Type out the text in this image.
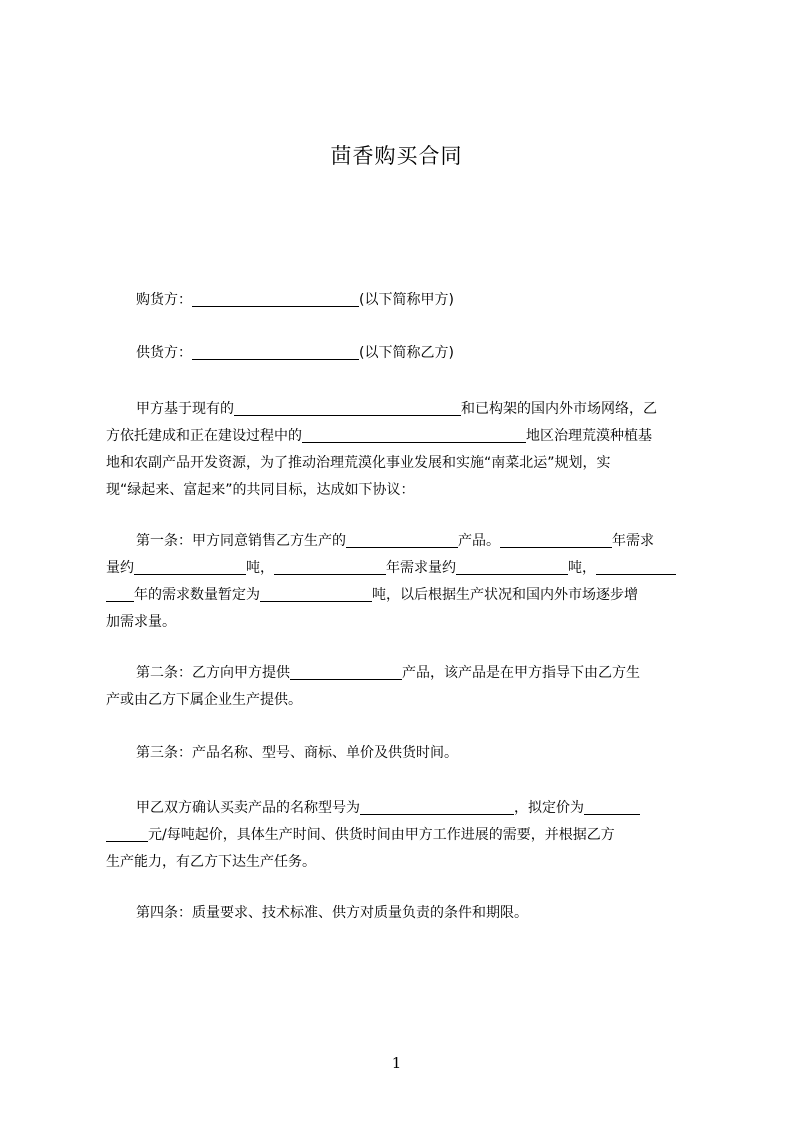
茴香购买合同
购货方：	(以下简称甲方)
供货方：	(以下简称乙方)
甲方基于现有的	和已构架的国内外市场网络，乙
方依托建成和正在建设过程中的	地区治理荒漠种植基
地和农副产品开发资源，为了推动治理荒漠化事业发展和实施“南菜北运”规划，实
现“绿起来、富起来”的共同目标，达成如下协议：
第一条：甲方同意销售乙方生产的	产品。	年需求
量约	吨，	年需求量约	吨，
年的需求数量暂定为	吨，以后根据生产状况和国内外市场逐步增
加需求量。
第二条：乙方向甲方提供	产品，该产品是在甲方指导下由乙方生
产或由乙方下属企业生产提供。
第三条：产品名称、型号、商标、单价及供货时间。
甲乙双方确认买卖产品的名称型号为	，拟定价为
元/每吨起价，具体生产时间、供货时间由甲方工作进展的需要，并根据乙方
生产能力，有乙方下达生产任务。
第四条：质量要求、技术标准、供方对质量负责的条件和期限。
1
